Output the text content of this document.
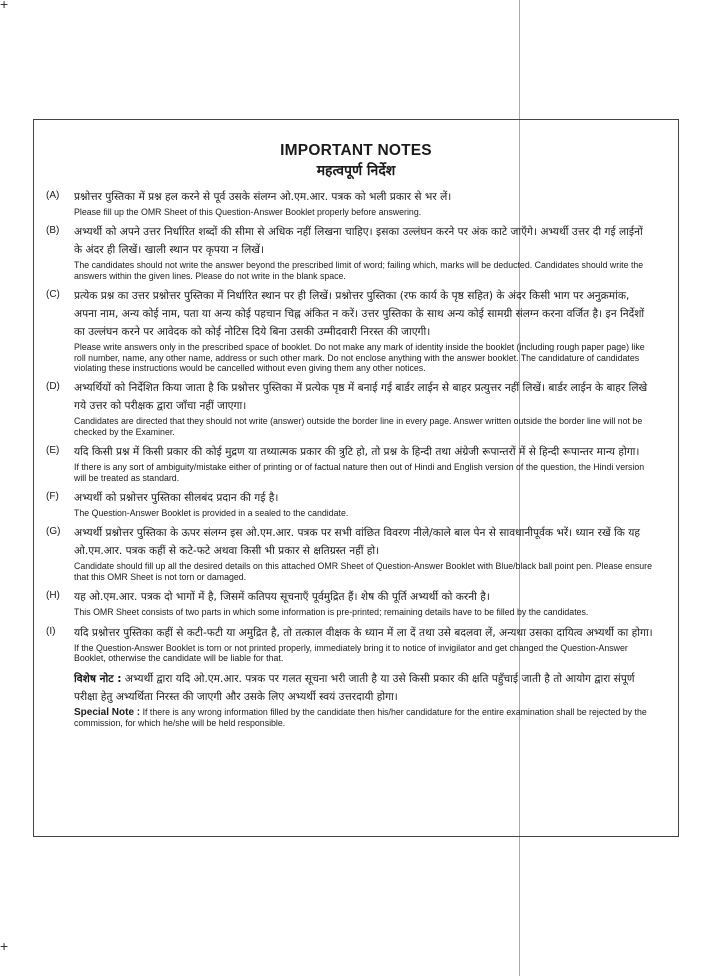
+
+
IMPORTANT NOTES
महत्वपूर्ण निर्देश
(A)	प्रश्नोत्तर पुस्तिका में प्रश्न हल करने से पूर्व उसके संलग्न ओ.एम.आर. पत्रक को भली प्रकार से भर लें।
Please fill up the OMR Sheet of this Question-Answer Booklet properly before answering.
(B)	अभ्यर्थी को अपने उत्तर निर्धारित शब्दों की सीमा से अधिक नहीं लिखना चाहिए। इसका उल्लंघन करने पर अंक काटे जाएँगे। अभ्यर्थी उत्तर दी गई लाईनों के अंदर ही लिखें। खाली स्थान पर कृपया न लिखें।
The candidates should not write the answer beyond the prescribed limit of word; failing which, marks will be deducted. Candidates should write the answers within the given lines. Please do not write in the blank space.
(C)	प्रत्येक प्रश्न का उत्तर प्रश्नोत्तर पुस्तिका में निर्धारित स्थान पर ही लिखें। प्रश्नोत्तर पुस्तिका (रफ कार्य के पृष्ठ सहित) के अंदर किसी भाग पर अनुक्रमांक, अपना नाम, अन्य कोई नाम, पता या अन्य कोई पहचान चिह्न अंकित न करें। उत्तर पुस्तिका के साथ अन्य कोई सामग्री संलग्न करना वर्जित है। इन निर्देशों का उल्लंघन करने पर आवेदक को कोई नोटिस दिये बिना उसकी उम्मीदवारी निरस्त की जाएगी।
Please write answers only in the prescribed space of booklet. Do not make any mark of identity inside the booklet (including rough paper page) like roll number, name, any other name, address or such other mark. Do not enclose anything with the answer booklet. The candidature of candidates violating these instructions would be cancelled without even giving them any other notices.
(D)	अभ्यर्थियों को निर्देशित किया जाता है कि प्रश्नोत्तर पुस्तिका में प्रत्येक पृष्ठ में बनाई गई बार्डर लाईन से बाहर प्रत्युत्तर नहीं लिखें। बार्डर लाईन के बाहर लिखे गये उत्तर को परीक्षक द्वारा जाँचा नहीं जाएगा।
Candidates are directed that they should not write (answer) outside the border line in every page. Answer written outside the border line will not be checked by the Examiner.
(E)	यदि किसी प्रश्न में किसी प्रकार की कोई मुद्रण या तथ्यात्मक प्रकार की त्रुटि हो, तो प्रश्न के हिन्दी तथा अंग्रेजी रूपान्तरों में से हिन्दी रूपान्तर मान्य होगा।
If there is any sort of ambiguity/mistake either of printing or of factual nature then out of Hindi and English version of the question, the Hindi version will be treated as standard.
(F)	अभ्यर्थी को प्रश्नोत्तर पुस्तिका सीलबंद प्रदान की गई है।
The Question-Answer Booklet is provided in a sealed to the candidate.
(G)	अभ्यर्थी प्रश्नोत्तर पुस्तिका के ऊपर संलग्न इस ओ.एम.आर. पत्रक पर सभी वांछित विवरण नीले/काले बाल पेन से सावधानीपूर्वक भरें। ध्यान रखें कि यह ओ.एम.आर. पत्रक कहीं से कटे-फटे अथवा किसी भी प्रकार से क्षतिग्रस्त नहीं हो।
Candidate should fill up all the desired details on this attached OMR Sheet of Question-Answer Booklet with Blue/black ball point pen. Please ensure that this OMR Sheet is not torn or damaged.
(H)	यह ओ.एम.आर. पत्रक दो भागों में है, जिसमें कतिपय सूचनाएँ पूर्वमुद्रित हैं। शेष की पूर्ति अभ्यर्थी को करनी है।
This OMR Sheet consists of two parts in which some information is pre-printed; remaining details have to be filled by the candidates.
(I)	यदि प्रश्नोत्तर पुस्तिका कहीं से कटी-फटी या अमुद्रित है, तो तत्काल वीक्षक के ध्यान में ला दें तथा उसे बदलवा लें, अन्यथा उसका दायित्व अभ्यर्थी का होगा।
If the Question-Answer Booklet is torn or not printed properly, immediately bring it to notice of invigilator and get changed the Question-Answer Booklet, otherwise the candidate will be liable for that.
विशेष नोट : अभ्यर्थी द्वारा यदि ओ.एम.आर. पत्रक पर गलत सूचना भरी जाती है या उसे किसी प्रकार की क्षति पहुँचाई जाती है तो आयोग द्वारा संपूर्ण परीक्षा हेतु अभ्यर्थिता निरस्त की जाएगी और उसके लिए अभ्यर्थी स्वयं उत्तरदायी होगा।
Special Note : If there is any wrong information filled by the candidate then his/her candidature for the entire examination shall be rejected by the commission, for which he/she will be held responsible.
